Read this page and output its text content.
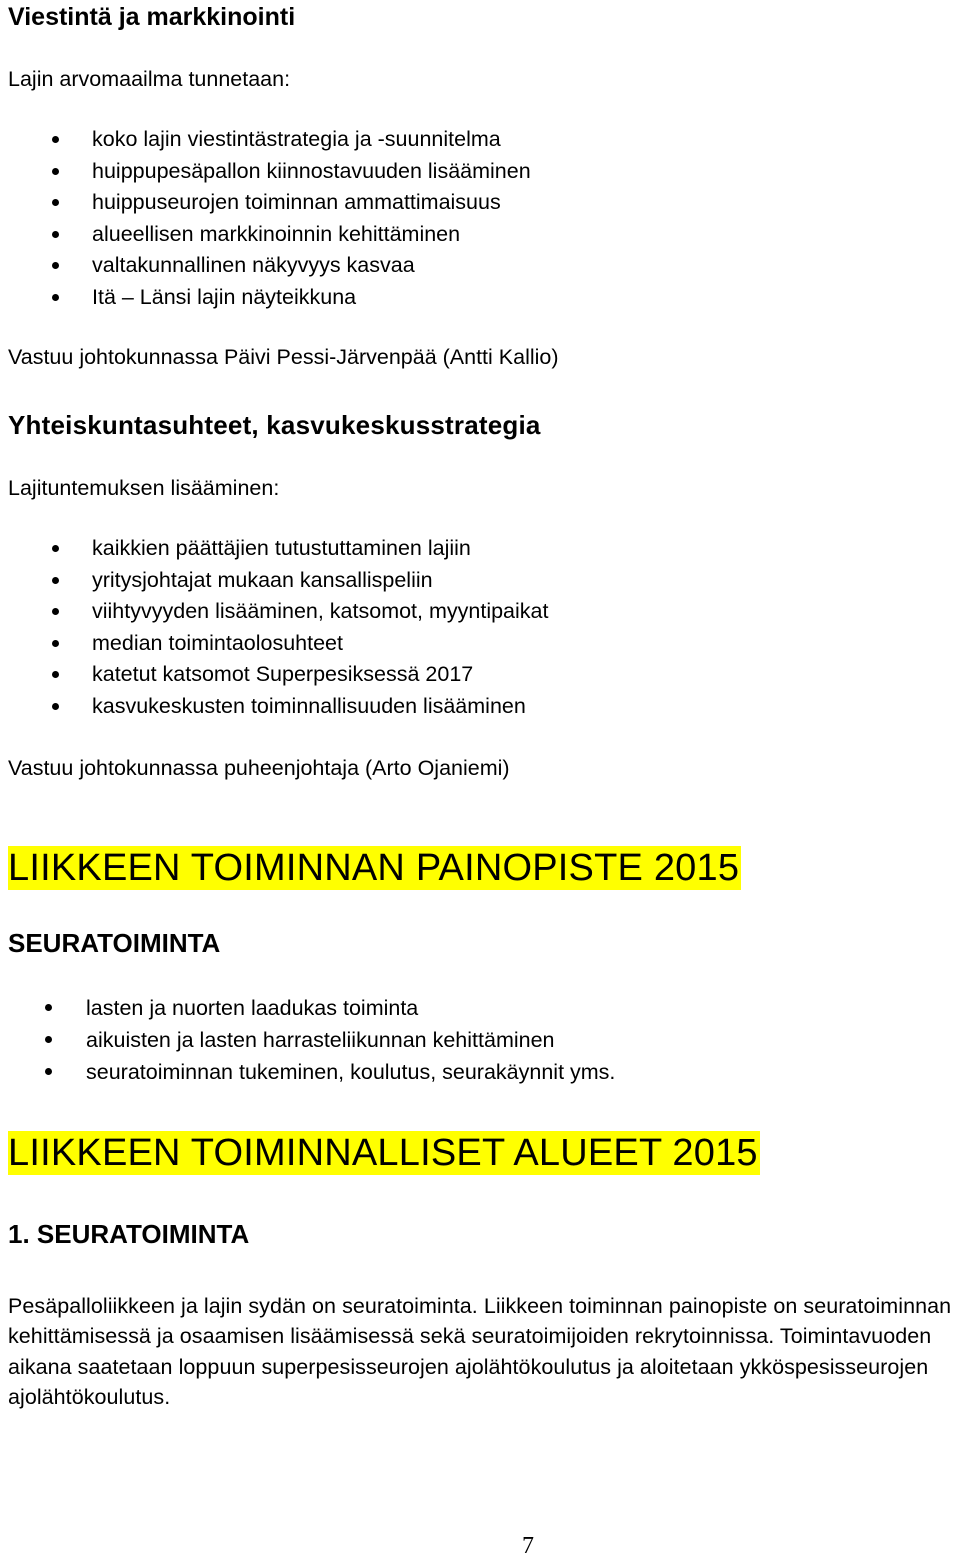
Viestintä ja markkinointi

Lajin arvomaailma tunnetaan:

koko lajin viestintästrategia ja -suunnitelma
huippupesäpallon kiinnostavuuden lisääminen
huippuseurojen toiminnan ammattimaisuus
alueellisen markkinoinnin kehittäminen
valtakunnallinen näkyvyys kasvaa
Itä – Länsi lajin näyteikkuna

Vastuu johtokunnassa Päivi Pessi-Järvenpää (Antti Kallio)

Yhteiskuntasuhteet, kasvukeskusstrategia

Lajituntemuksen lisääminen:

kaikkien päättäjien tutustuttaminen lajiin
yritysjohtajat mukaan kansallispeliin
viihtyvyyden lisääminen, katsomot, myyntipaikat
median toimintaolosuhteet
katetut katsomot Superpesiksessä 2017
kasvukeskusten toiminnallisuuden lisääminen

Vastuu johtokunnassa puheenjohtaja (Arto Ojaniemi)

LIIKKEEN TOIMINNAN PAINOPISTE 2015
SEURATOIMINTA
lasten ja nuorten laadukas toiminta
aikuisten ja lasten harrasteliikunnan kehittäminen
seuratoiminnan tukeminen, koulutus, seurakäynnit yms.
LIIKKEEN TOIMINNALLISET ALUEET 2015
1. SEURATOIMINTA

Pesäpalloliikkeen ja lajin sydän on seuratoiminta. Liikkeen toiminnan painopiste on seuratoiminnan kehittämisessä ja osaamisen lisäämisessä sekä seuratoimijoiden rekrytoinnissa. Toimintavuoden aikana saatetaan loppuun superpesisseurojen ajolähtökoulutus ja aloitetaan ykköspesisseurojen ajolähtökoulutus.

7
